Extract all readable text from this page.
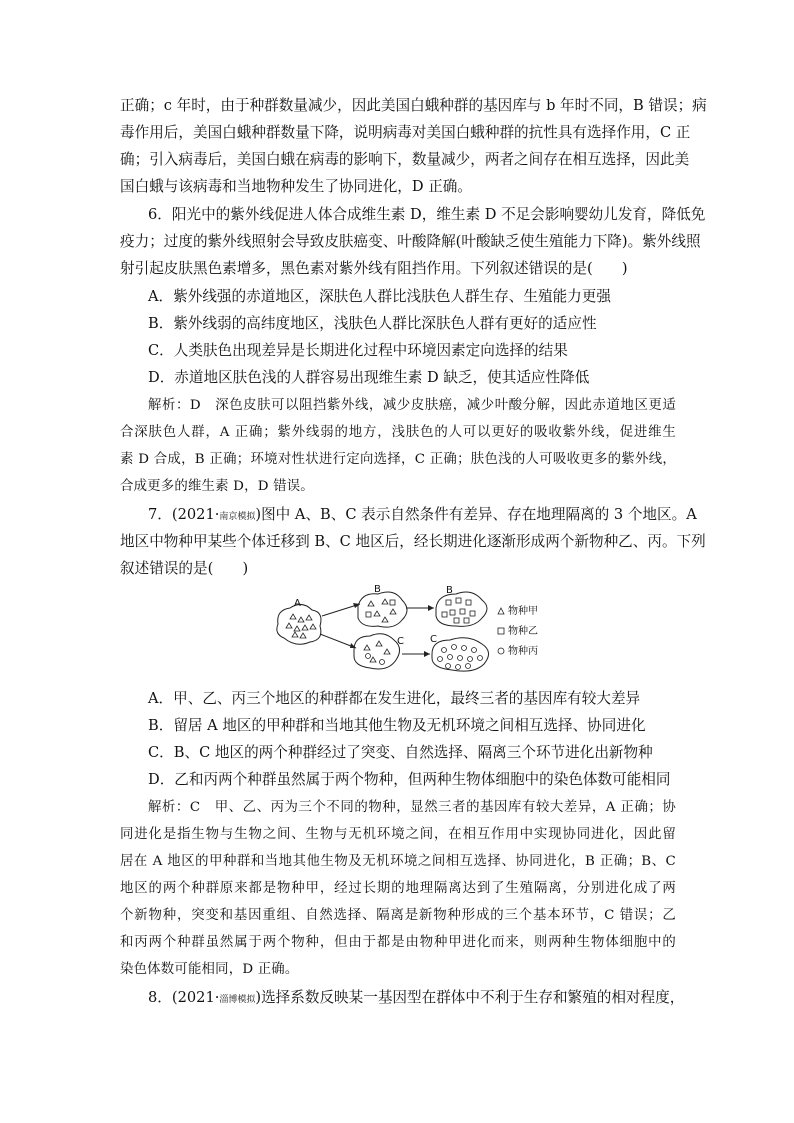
正确；c 年时，由于种群数量减少，因此美国白蛾种群的基因库与 b 年时不同，B 错误；病

毒作用后，美国白蛾种群数量下降，说明病毒对美国白蛾种群的抗性具有选择作用，C 正

确；引入病毒后，美国白蛾在病毒的影响下，数量减少，两者之间存在相互选择，因此美

国白蛾与该病毒和当地物种发生了协同进化，D 正确。

6．阳光中的紫外线促进人体合成维生素 D，维生素 D 不足会影响婴幼儿发育，降低免

疫力；过度的紫外线照射会导致皮肤癌变、叶酸降解(叶酸缺乏使生殖能力下降)。紫外线照

射引起皮肤黑色素增多，黑色素对紫外线有阻挡作用。下列叙述错误的是(　　)

A．紫外线强的赤道地区，深肤色人群比浅肤色人群生存、生殖能力更强

B．紫外线弱的高纬度地区，浅肤色人群比深肤色人群有更好的适应性

C．人类肤色出现差异是长期进化过程中环境因素定向选择的结果

D．赤道地区肤色浅的人群容易出现维生素 D 缺乏，使其适应性降低

解析：D　深色皮肤可以阻挡紫外线，减少皮肤癌，减少叶酸分解，因此赤道地区更适

合深肤色人群，A 正确；紫外线弱的地方，浅肤色的人可以更好的吸收紫外线，促进维生

素 D 合成，B 正确；环境对性状进行定向选择，C 正确；肤色浅的人可吸收更多的紫外线，

合成更多的维生素 D，D 错误。

7．(2021·南京模拟)图中 A、B、C 表示自然条件有差异、存在地理隔离的 3 个地区。A

地区中物种甲某些个体迁移到 B、C 地区后，经长期进化逐渐形成两个新物种乙、丙。下列

叙述错误的是(　　)

A
B	B
C	C
物种甲
物种乙
物种丙

A．甲、乙、丙三个地区的种群都在发生进化，最终三者的基因库有较大差异

B．留居 A 地区的甲种群和当地其他生物及无机环境之间相互选择、协同进化

C．B、C 地区的两个种群经过了突变、自然选择、隔离三个环节进化出新物种

D．乙和丙两个种群虽然属于两个物种，但两种生物体细胞中的染色体数可能相同

解析：C　甲、乙、丙为三个不同的物种，显然三者的基因库有较大差异，A 正确；协

同进化是指生物与生物之间、生物与无机环境之间，在相互作用中实现协同进化，因此留

居在 A 地区的甲种群和当地其他生物及无机环境之间相互选择、协同进化，B 正确；B、C

地区的两个种群原来都是物种甲，经过长期的地理隔离达到了生殖隔离，分别进化成了两

个新物种，突变和基因重组、自然选择、隔离是新物种形成的三个基本环节，C 错误；乙

和丙两个种群虽然属于两个物种，但由于都是由物种甲进化而来，则两种生物体细胞中的

染色体数可能相同，D 正确。

8．(2021·淄博模拟)选择系数反映某一基因型在群体中不利于生存和繁殖的相对程度，
